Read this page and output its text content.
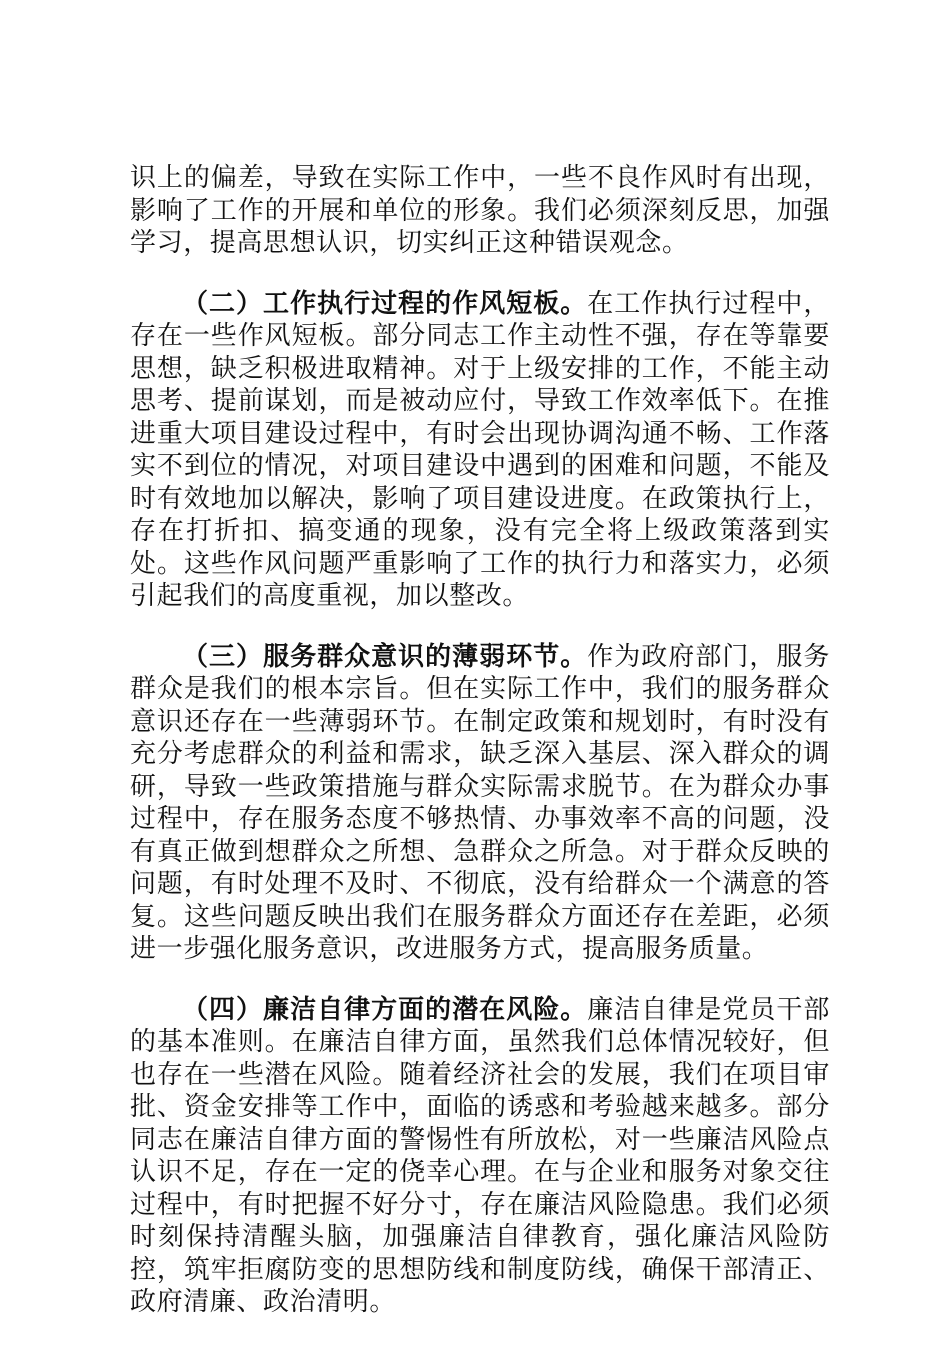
识上的偏差，导致在实际工作中，一些不良作风时有出现，影响了工作的开展和单位的形象。我们必须深刻反思，加强学习，提高思想认识，切实纠正这种错误观念。

（二）工作执行过程的作风短板。在工作执行过程中，存在一些作风短板。部分同志工作主动性不强，存在等靠要思想，缺乏积极进取精神。对于上级安排的工作，不能主动思考、提前谋划，而是被动应付，导致工作效率低下。在推进重大项目建设过程中，有时会出现协调沟通不畅、工作落实不到位的情况，对项目建设中遇到的困难和问题，不能及时有效地加以解决，影响了项目建设进度。在政策执行上，存在打折扣、搞变通的现象，没有完全将上级政策落到实处。这些作风问题严重影响了工作的执行力和落实力，必须引起我们的高度重视，加以整改。

（三）服务群众意识的薄弱环节。作为政府部门，服务群众是我们的根本宗旨。但在实际工作中，我们的服务群众意识还存在一些薄弱环节。在制定政策和规划时，有时没有充分考虑群众的利益和需求，缺乏深入基层、深入群众的调研，导致一些政策措施与群众实际需求脱节。在为群众办事过程中，存在服务态度不够热情、办事效率不高的问题，没有真正做到想群众之所想、急群众之所急。对于群众反映的问题，有时处理不及时、不彻底，没有给群众一个满意的答复。这些问题反映出我们在服务群众方面还存在差距，必须进一步强化服务意识，改进服务方式，提高服务质量。

（四）廉洁自律方面的潜在风险。廉洁自律是党员干部的基本准则。在廉洁自律方面，虽然我们总体情况较好，但也存在一些潜在风险。随着经济社会的发展，我们在项目审批、资金安排等工作中，面临的诱惑和考验越来越多。部分同志在廉洁自律方面的警惕性有所放松，对一些廉洁风险点认识不足，存在一定的侥幸心理。在与企业和服务对象交往过程中，有时把握不好分寸，存在廉洁风险隐患。我们必须时刻保持清醒头脑，加强廉洁自律教育，强化廉洁风险防控，筑牢拒腐防变的思想防线和制度防线，确保干部清正、政府清廉、政治清明。
